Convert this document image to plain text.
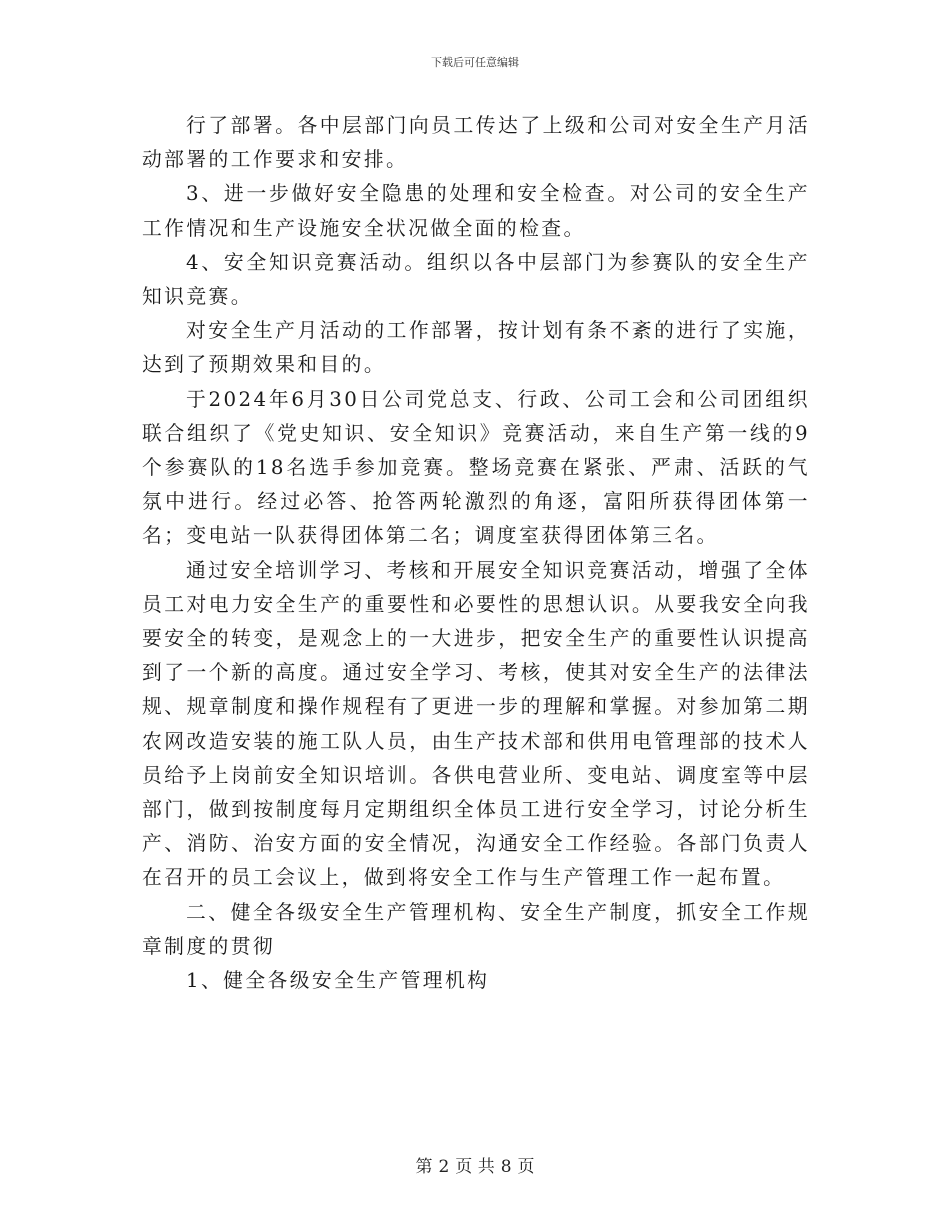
下载后可任意编辑

行了部署。各中层部门向员工传达了上级和公司对安全生产月活动部署的工作要求和安排。

3、进一步做好安全隐患的处理和安全检查。对公司的安全生产工作情况和生产设施安全状况做全面的检查。

4、安全知识竞赛活动。组织以各中层部门为参赛队的安全生产知识竞赛。

对安全生产月活动的工作部署，按计划有条不紊的进行了实施，达到了预期效果和目的。

于2024年6月30日公司党总支、行政、公司工会和公司团组织联合组织了《党史知识、安全知识》竞赛活动，来自生产第一线的9个参赛队的18名选手参加竞赛。整场竞赛在紧张、严肃、活跃的气氛中进行。经过必答、抢答两轮激烈的角逐，富阳所获得团体第一名；变电站一队获得团体第二名；调度室获得团体第三名。

通过安全培训学习、考核和开展安全知识竞赛活动，增强了全体员工对电力安全生产的重要性和必要性的思想认识。从要我安全向我要安全的转变，是观念上的一大进步，把安全生产的重要性认识提高到了一个新的高度。通过安全学习、考核，使其对安全生产的法律法规、规章制度和操作规程有了更进一步的理解和掌握。对参加第二期农网改造安装的施工队人员，由生产技术部和供用电管理部的技术人员给予上岗前安全知识培训。各供电营业所、变电站、调度室等中层部门，做到按制度每月定期组织全体员工进行安全学习，讨论分析生产、消防、治安方面的安全情况，沟通安全工作经验。各部门负责人在召开的员工会议上，做到将安全工作与生产管理工作一起布置。

二、健全各级安全生产管理机构、安全生产制度，抓安全工作规章制度的贯彻

1、健全各级安全生产管理机构

第 2 页 共 8 页
